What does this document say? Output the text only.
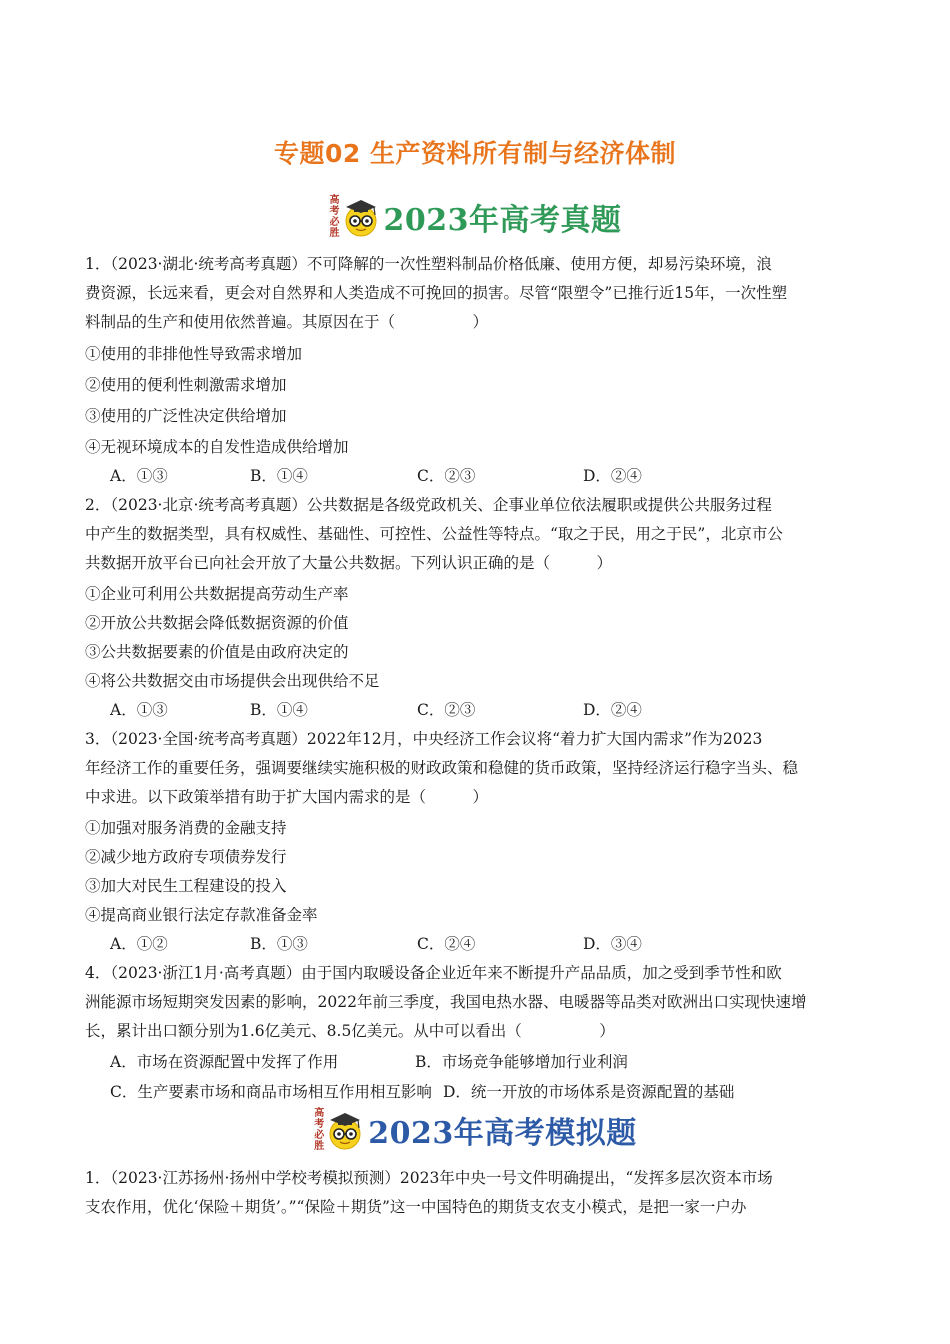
专题02 生产资料所有制与经济体制
高
考
必
胜 2023年高考真题
1．（2023·湖北·统考高考真题）不可降解的一次性塑料制品价格低廉、使用方便，却易污染环境，浪
费资源，长远来看，更会对自然界和人类造成不可挽回的损害。尽管“限塑令”已推行近15年，一次性塑
料制品的生产和使用依然普遍。其原因在于（　　　　　）
①使用的非排他性导致需求增加
②使用的便利性刺激需求增加
③使用的广泛性决定供给增加
④无视环境成本的自发性造成供给增加
A．①③	B．①④	C．②③	D．②④
2．（2023·北京·统考高考真题）公共数据是各级党政机关、企事业单位依法履职或提供公共服务过程
中产生的数据类型，具有权威性、基础性、可控性、公益性等特点。“取之于民，用之于民”，北京市公
共数据开放平台已向社会开放了大量公共数据。下列认识正确的是（　　　）
①企业可利用公共数据提高劳动生产率
②开放公共数据会降低数据资源的价值
③公共数据要素的价值是由政府决定的
④将公共数据交由市场提供会出现供给不足
A．①③	B．①④	C．②③	D．②④
3．（2023·全国·统考高考真题）2022年12月，中央经济工作会议将“着力扩大国内需求”作为2023
年经济工作的重要任务，强调要继续实施积极的财政政策和稳健的货币政策，坚持经济运行稳字当头、稳
中求进。以下政策举措有助于扩大国内需求的是（　　　）
①加强对服务消费的金融支持
②减少地方政府专项债券发行
③加大对民生工程建设的投入
④提高商业银行法定存款准备金率
A．①②	B．①③	C．②④	D．③④
4．（2023·浙江1月·高考真题）由于国内取暖设备企业近年来不断提升产品品质，加之受到季节性和欧
洲能源市场短期突发因素的影响，2022年前三季度，我国电热水器、电暖器等品类对欧洲出口实现快速增
长，累计出口额分别为1.6亿美元、8.5亿美元。从中可以看出（　　　　　）
A．市场在资源配置中发挥了作用	B．市场竞争能够增加行业利润
C．生产要素市场和商品市场相互作用相互影响 D．统一开放的市场体系是资源配置的基础
高
考
必
胜 2023年高考模拟题
1．（2023·江苏扬州·扬州中学校考模拟预测）2023年中央一号文件明确提出，“发挥多层次资本市场
支农作用，优化‘保险＋期货’。”“保险＋期货”这一中国特色的期货支农支小模式，是把一家一户办
